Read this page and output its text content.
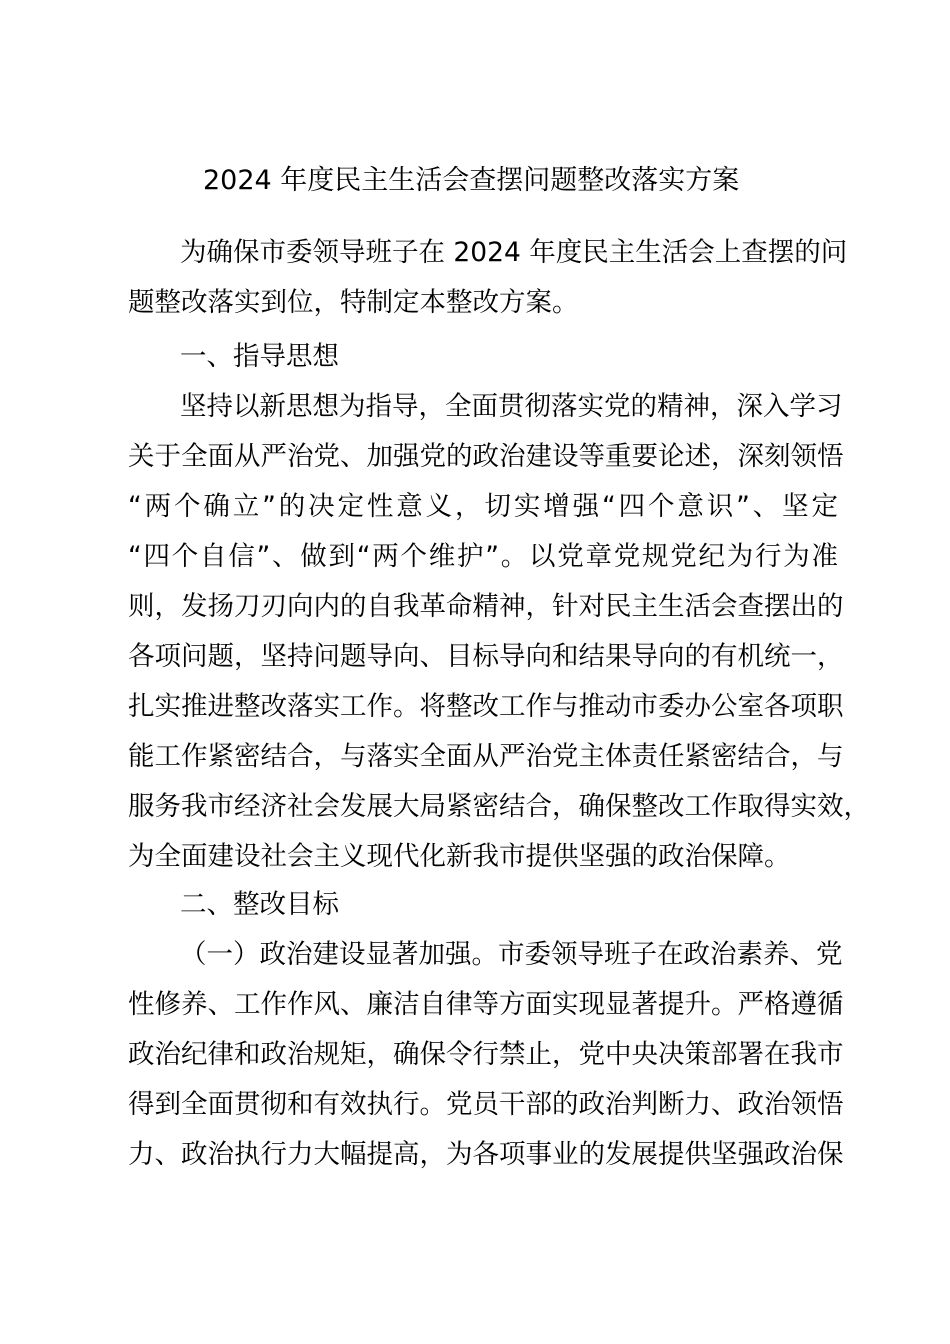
2024 年度民主生活会查摆问题整改落实方案
为确保市委领导班子在 2024 年度民主生活会上查摆的问
题整改落实到位，特制定本整改方案。
一、指导思想
坚持以新思想为指导，全面贯彻落实党的精神，深入学习
关于全面从严治党、加强党的政治建设等重要论述，深刻领悟
“两个确立”的决定性意义，切实增强“四个意识”、坚定
“四个自信”、做到“两个维护”。以党章党规党纪为行为准
则，发扬刀刃向内的自我革命精神，针对民主生活会查摆出的
各项问题，坚持问题导向、目标导向和结果导向的有机统一，
扎实推进整改落实工作。将整改工作与推动市委办公室各项职
能工作紧密结合，与落实全面从严治党主体责任紧密结合，与
服务我市经济社会发展大局紧密结合，确保整改工作取得实效，
为全面建设社会主义现代化新我市提供坚强的政治保障。
二、整改目标
（一）政治建设显著加强。市委领导班子在政治素养、党
性修养、工作作风、廉洁自律等方面实现显著提升。严格遵循
政治纪律和政治规矩，确保令行禁止，党中央决策部署在我市
得到全面贯彻和有效执行。党员干部的政治判断力、政治领悟
力、政治执行力大幅提高，为各项事业的发展提供坚强政治保
